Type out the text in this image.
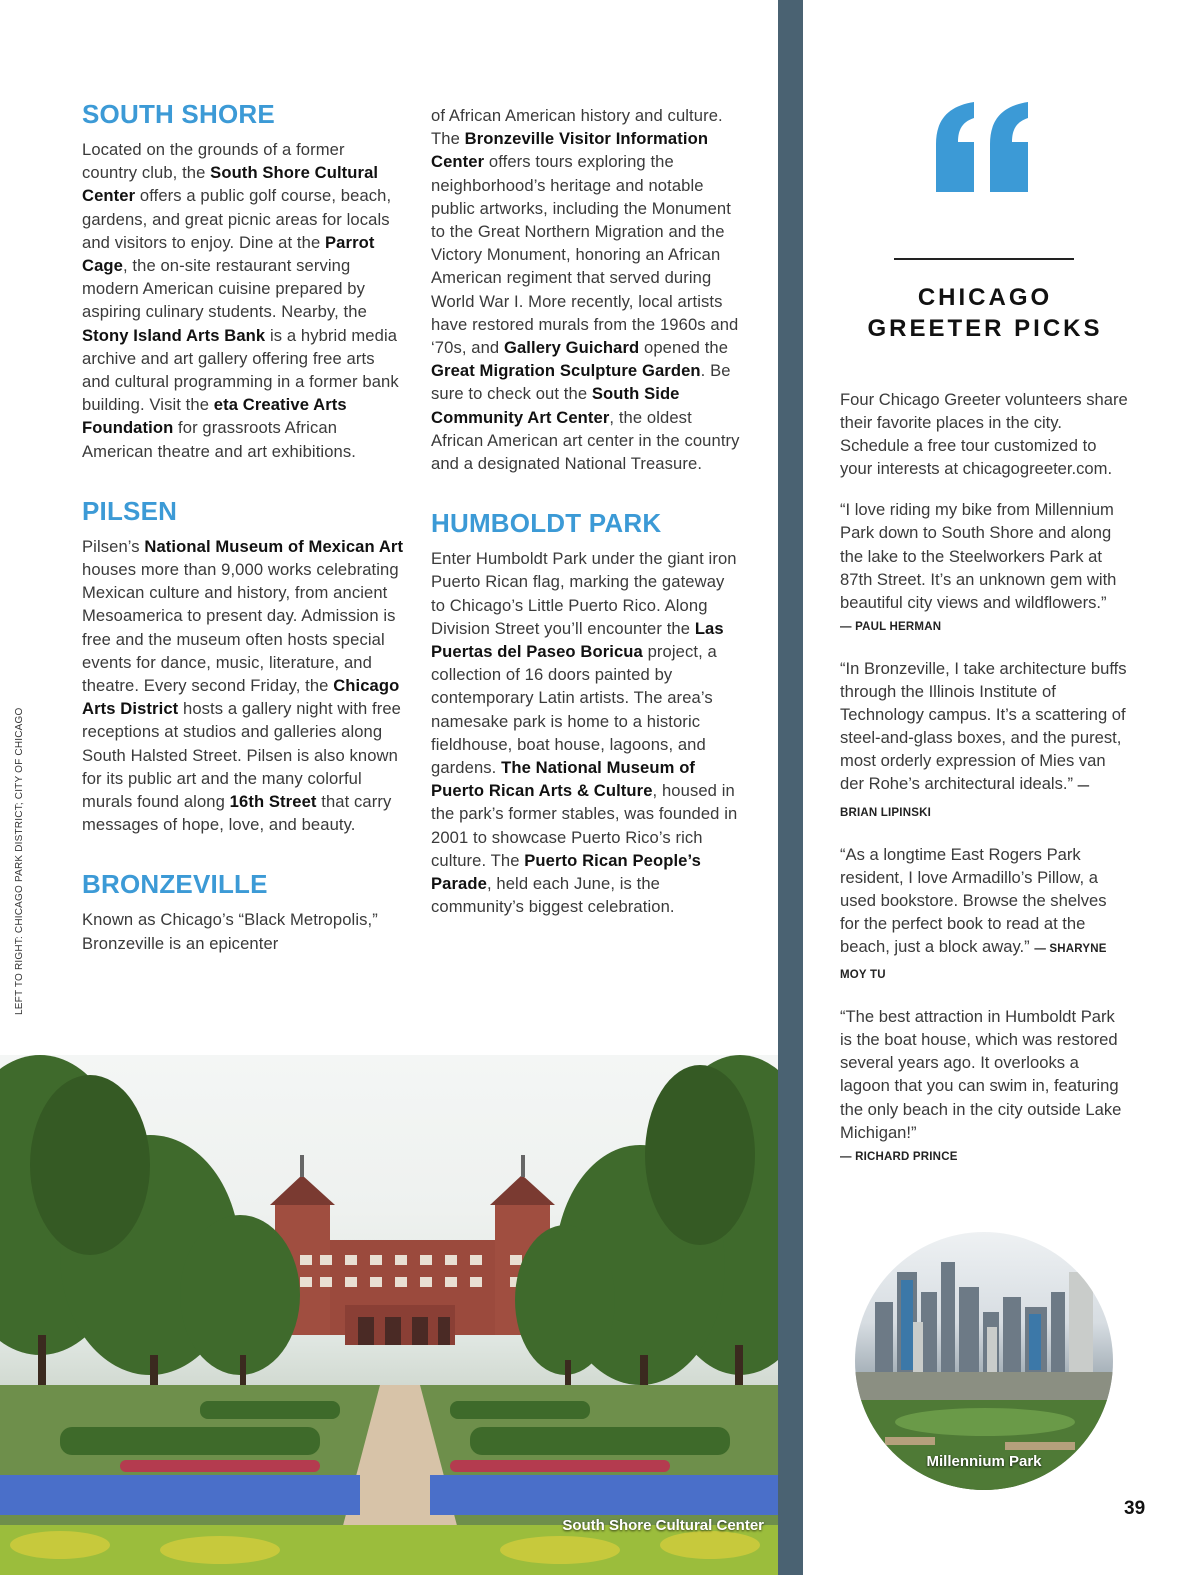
SOUTH SHORE

Located on the grounds of a former country club, the South Shore Cultural Center offers a public golf course, beach, gardens, and great picnic areas for locals and visitors to enjoy. Dine at the Parrot Cage, the on-site restaurant serving modern American cuisine prepared by aspiring culinary students. Nearby, the Stony Island Arts Bank is a hybrid media archive and art gallery offering free arts and cultural programming in a former bank building. Visit the eta Creative Arts Foundation for grassroots African American theatre and art exhibitions.

PILSEN

Pilsen’s National Museum of Mexican Art houses more than 9,000 works celebrating Mexican culture and history, from ancient Mesoamerica to present day. Admission is free and the museum often hosts special events for dance, music, literature, and theatre. Every second Friday, the Chicago Arts District hosts a gallery night with free receptions at studios and galleries along South Halsted Street. Pilsen is also known for its public art and the many colorful murals found along 16th Street that carry messages of hope, love, and beauty.

BRONZEVILLE

Known as Chicago’s “Black Metropolis,” Bronzeville is an epicenter

of African American history and culture. The Bronzeville Visitor Information Center offers tours exploring the neighborhood’s heritage and notable public artworks, including the Monument to the Great Northern Migration and the Victory Monument, honoring an African American regiment that served during World War I. More recently, local artists have restored murals from the 1960s and ‘70s, and Gallery Guichard opened the Great Migration Sculpture Garden. Be sure to check out the South Side Community Art Center, the oldest African American art center in the country and a designated National Treasure.

HUMBOLDT PARK

Enter Humboldt Park under the giant iron Puerto Rican flag, marking the gateway to Chicago’s Little Puerto Rico. Along Division Street you’ll encounter the Las Puertas del Paseo Boricua project, a collection of 16 doors painted by contemporary Latin artists. The area’s namesake park is home to a historic fieldhouse, boat house, lagoons, and gardens. The National Museum of Puerto Rican Arts & Culture, housed in the park’s former stables, was founded in 2001 to showcase Puerto Rico’s rich culture. The Puerto Rican People’s Parade, held each June, is the community’s biggest celebration.

LEFT TO RIGHT: CHICAGO PARK DISTRICT; CITY OF CHICAGO
South Shore Cultural Center
CHICAGO
GREETER PICKS

Four Chicago Greeter volunteers share their favorite places in the city. Schedule a free tour customized to your interests at chicagogreeter.com.

“I love riding my bike from Millennium Park down to South Shore and along the lake to the Steelworkers Park at 87th Street. It’s an unknown gem with beautiful city views and wildflowers.”
— PAUL HERMAN

“In Bronzeville, I take architecture buffs through the Illinois Institute of Technology campus. It’s a scattering of steel-and-glass boxes, and the purest, most orderly expression of Mies van der Rohe’s architectural ideals.” — BRIAN LIPINSKI

“As a longtime East Rogers Park resident, I love Armadillo’s Pillow, a used bookstore. Browse the shelves for the perfect book to read at the beach, just a block away.” — SHARYNE MOY TU

“The best attraction in Humboldt Park is the boat house, which was restored several years ago. It overlooks a lagoon that you can swim in, featuring the only beach in the city outside Lake Michigan!”
— RICHARD PRINCE

Millennium Park
39
